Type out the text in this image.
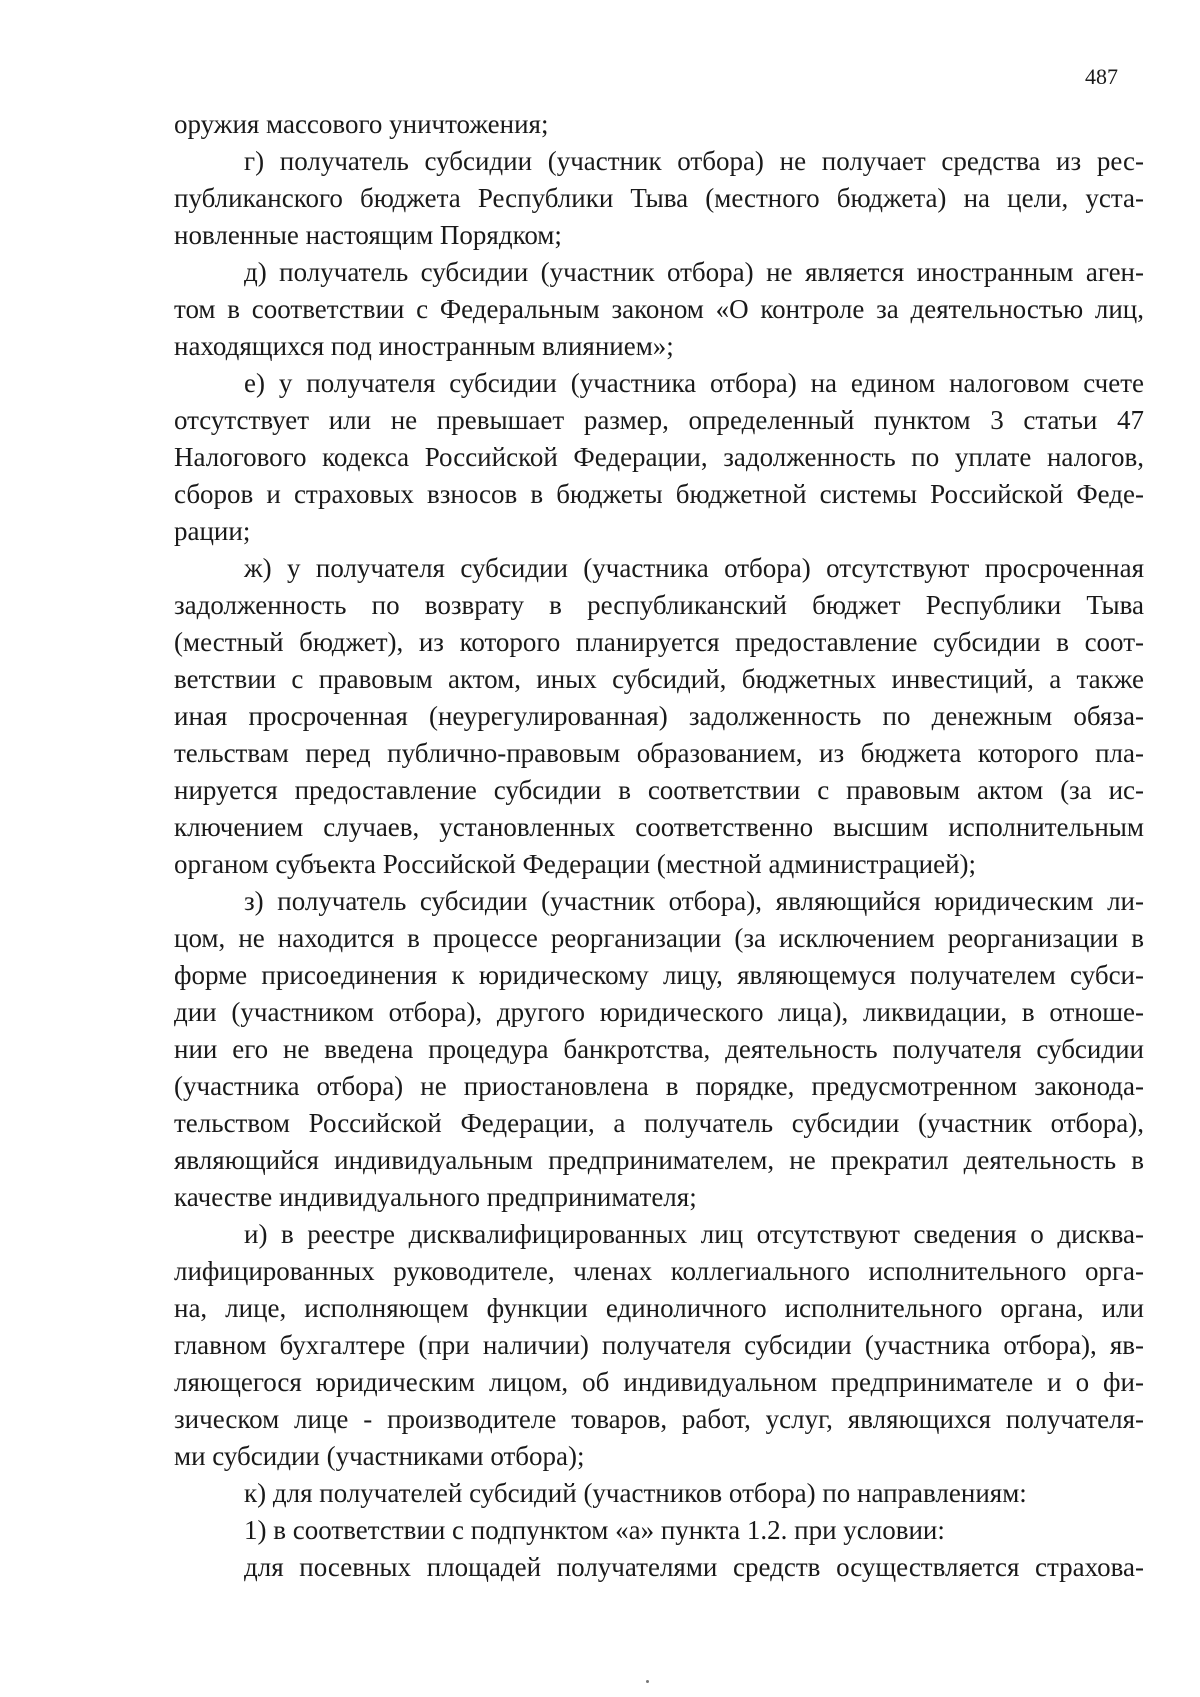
487

оружия массового уничтожения;

г) получатель субсидии (участник отбора) не получает средства из рес-
публиканского бюджета Республики Тыва (местного бюджета) на цели, уста-
новленные настоящим Порядком;

д) получатель субсидии (участник отбора) не является иностранным аген-
том в соответствии с Федеральным законом «О контроле за деятельностью лиц,
находящихся под иностранным влиянием»;

е) у получателя субсидии (участника отбора) на едином налоговом счете
отсутствует или не превышает размер, определенный пунктом 3 статьи 47
Налогового кодекса Российской Федерации, задолженность по уплате налогов,
сборов и страховых взносов в бюджеты бюджетной системы Российской Феде-
рации;

ж) у получателя субсидии (участника отбора) отсутствуют просроченная
задолженность по возврату в республиканский бюджет Республики Тыва
(местный бюджет), из которого планируется предоставление субсидии в соот-
ветствии с правовым актом, иных субсидий, бюджетных инвестиций, а также
иная просроченная (неурегулированная) задолженность по денежным обяза-
тельствам перед публично-правовым образованием, из бюджета которого пла-
нируется предоставление субсидии в соответствии с правовым актом (за ис-
ключением случаев, установленных соответственно высшим исполнительным
органом субъекта Российской Федерации (местной администрацией);

з) получатель субсидии (участник отбора), являющийся юридическим ли-
цом, не находится в процессе реорганизации (за исключением реорганизации в
форме присоединения к юридическому лицу, являющемуся получателем субси-
дии (участником отбора), другого юридического лица), ликвидации, в отноше-
нии его не введена процедура банкротства, деятельность получателя субсидии
(участника отбора) не приостановлена в порядке, предусмотренном законода-
тельством Российской Федерации, а получатель субсидии (участник отбора),
являющийся индивидуальным предпринимателем, не прекратил деятельность в
качестве индивидуального предпринимателя;

и) в реестре дисквалифицированных лиц отсутствуют сведения о дисква-
лифицированных руководителе, членах коллегиального исполнительного орга-
на, лице, исполняющем функции единоличного исполнительного органа, или
главном бухгалтере (при наличии) получателя субсидии (участника отбора), яв-
ляющегося юридическим лицом, об индивидуальном предпринимателе и о фи-
зическом лице - производителе товаров, работ, услуг, являющихся получателя-
ми субсидии (участниками отбора);

к) для получателей субсидий (участников отбора) по направлениям:

1) в соответствии с подпунктом «а» пункта 1.2. при условии:

для посевных площадей получателями средств осуществляется страхова-
